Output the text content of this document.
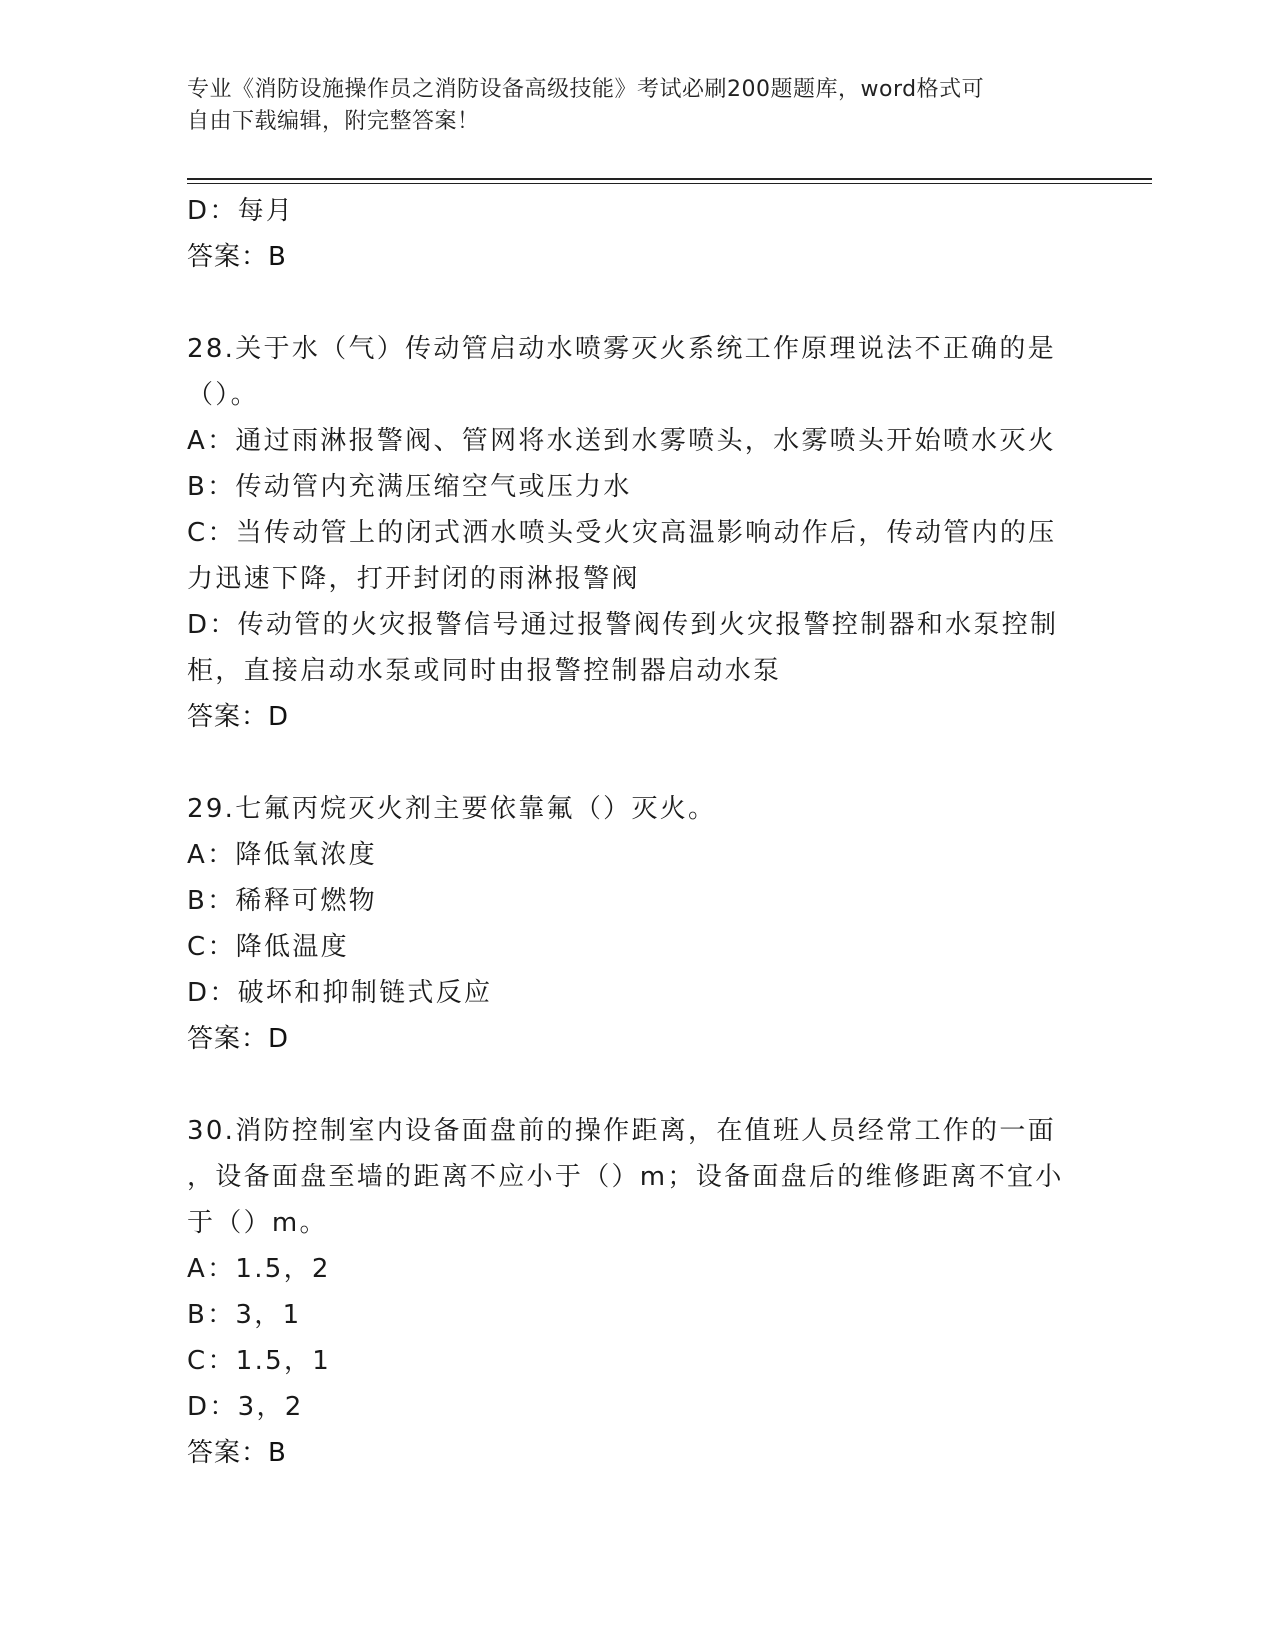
专业《消防设施操作员之消防设备高级技能》考试必刷200题题库，word格式可
自由下载编辑，附完整答案！
D：每月
答案：B
28.关于水（气）传动管启动水喷雾灭火系统工作原理说法不正确的是
（）。
A：通过雨淋报警阀、管网将水送到水雾喷头，水雾喷头开始喷水灭火
B：传动管内充满压缩空气或压力水
C：当传动管上的闭式洒水喷头受火灾高温影响动作后，传动管内的压
力迅速下降，打开封闭的雨淋报警阀
D：传动管的火灾报警信号通过报警阀传到火灾报警控制器和水泵控制
柜，直接启动水泵或同时由报警控制器启动水泵
答案：D
29.七氟丙烷灭火剂主要依靠氟（）灭火。
A：降低氧浓度
B：稀释可燃物
C：降低温度
D：破坏和抑制链式反应
答案：D
30.消防控制室内设备面盘前的操作距离，在值班人员经常工作的一面
，设备面盘至墙的距离不应小于（）m；设备面盘后的维修距离不宜小
于（）m。
A：1.5，2
B：3，1
C：1.5，1
D：3，2
答案：B
